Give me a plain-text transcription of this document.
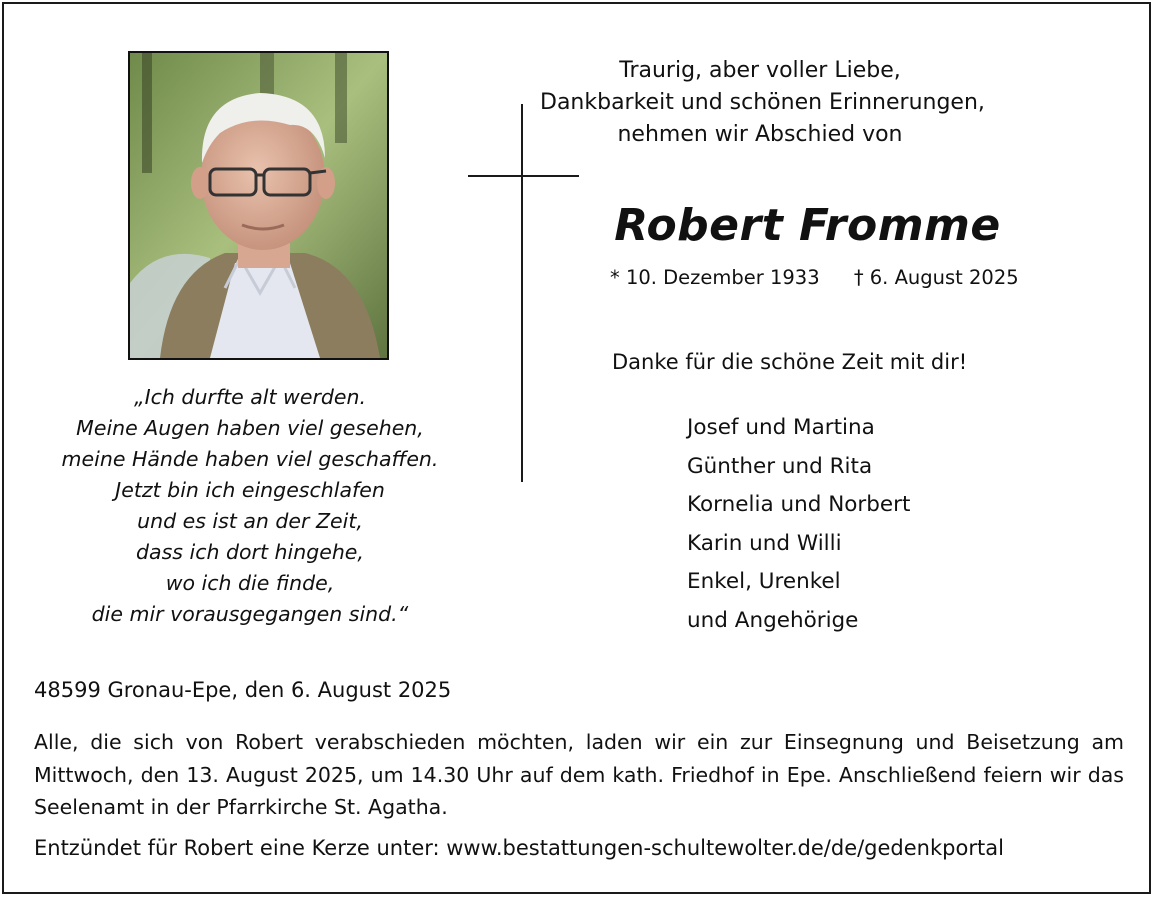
„Ich durfte alt werden.
Meine Augen haben viel gesehen,
meine Hände haben viel geschaffen.
Jetzt bin ich eingeschlafen
und es ist an der Zeit,
dass ich dort hingehe,
wo ich die finde,
die mir vorausgegangen sind.“
Traurig, aber voller Liebe,
Dankbarkeit und schönen Erinnerungen,
nehmen wir Abschied von
Robert Fromme
* 10. Dezember 1933 † 6. August 2025
Danke für die schöne Zeit mit dir!
Josef und Martina
Günther und Rita
Kornelia und Norbert
Karin und Willi
Enkel, Urenkel
und Angehörige
48599 Gronau-Epe, den 6. August 2025
Alle, die sich von Robert verabschieden möchten, laden wir ein zur Einsegnung und Beisetzung am Mittwoch, den 13. August 2025, um 14.30 Uhr auf dem kath. Friedhof in Epe. Anschließend feiern wir das Seelenamt in der Pfarrkirche St. Agatha.
Entzündet für Robert eine Kerze unter: www.bestattungen-schultewolter.de/de/gedenkportal
